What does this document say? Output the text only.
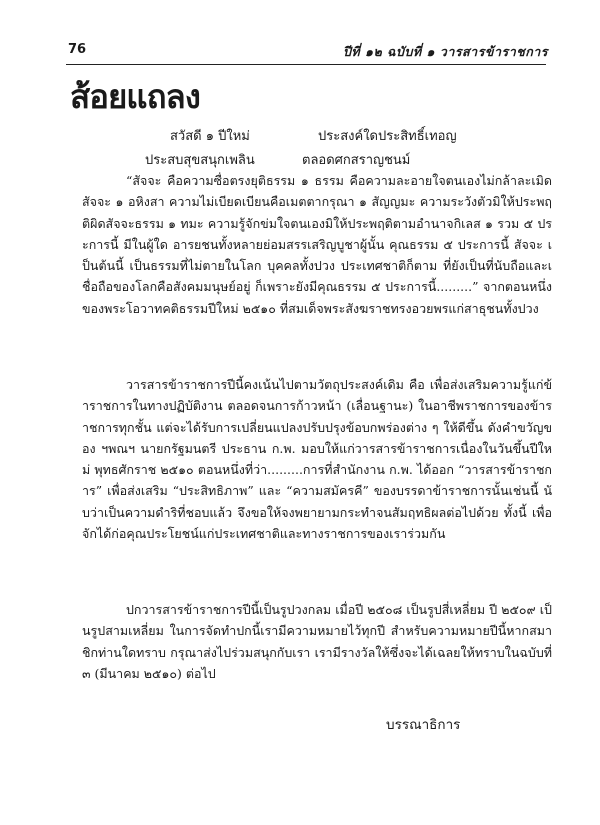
76	ปีที่ ๑๒ ฉบับที่ ๑ วารสารข้าราชการ
ส้อยแถลง
สวัสดี ๑ ปีใหม่	ประสงค์ใดประสิทธิ์เทอญ
ประสบสุขสนุกเพลิน	ตลอดศกสราญชนม์

“สัจจะ คือความซื่อตรงยุติธรรม ๑ ธรรม คือความละอายใจตนเองไม่กล้าละเมิดสัจจะ ๑ อหิงสา ความไม่เบียดเบียนคือเมตตากรุณา ๑ สัญญมะ ความระวังตัวมิให้ประพฤติผิดสัจจะธรรม ๑ ทมะ ความรู้จักข่มใจตนเองมิให้ประพฤติตามอำนาจกิเลส ๑ รวม ๕ ประการนี้ มีในผู้ใด อารยชนทั้งหลายย่อมสรรเสริญบูชาผู้นั้น คุณธรรม ๕ ประการนี้ สัจจะ เป็นต้นนี้ เป็นธรรมที่ไม่ตายในโลก บุคคลทั้งปวง ประเทศชาติก็ตาม ที่ยังเป็นที่นับถือและเชื่อถือของโลกคือสังคมมนุษย์อยู่ ก็เพราะยังมีคุณธรรม ๕ ประการนี้.........” จากตอนหนึ่งของพระโอวาทคติธรรมปีใหม่ ๒๕๑๐ ที่สมเด็จพระสังฆราชทรงอวยพรแก่สาธุชนทั้งปวง

วารสารข้าราชการปีนี้คงเน้นไปตามวัตถุประสงค์เดิม คือ เพื่อส่งเสริมความรู้แก่ข้าราชการในทางปฏิบัติงาน ตลอดจนการก้าวหน้า (เลื่อนฐานะ) ในอาชีพราชการของข้าราชการทุกชั้น แต่จะได้รับการเปลี่ยนแปลงปรับปรุงข้อบกพร่องต่าง ๆ ให้ดีขึ้น ดังคำขวัญของ ฯพณฯ นายกรัฐมนตรี ประธาน ก.พ. มอบให้แก่วารสารข้าราชการเนื่องในวันขึ้นปีใหม่ พุทธศักราช ๒๕๑๐ ตอนหนึ่งที่ว่า.........การที่สำนักงาน ก.พ. ได้ออก “วารสารข้าราชการ” เพื่อส่งเสริม “ประสิทธิภาพ” และ “ความสมัครคี” ของบรรดาข้าราชการนั้นเช่นนี้ นับว่าเป็นความดำริที่ชอบแล้ว จึงขอให้จงพยายามกระทำจนสัมฤทธิผลต่อไปด้วย ทั้งนี้ เพื่อจักได้ก่อคุณประโยชน์แก่ประเทศชาติและทางราชการของเราร่วมกัน

ปกวารสารข้าราชการปีนี้เป็นรูปวงกลม เมื่อปี ๒๕๐๘ เป็นรูปสี่เหลี่ยม ปี ๒๕๐๙ เป็นรูปสามเหลี่ยม ในการจัดทำปกนี้เรามีความหมายไว้ทุกปี สำหรับความหมายปีนี้หากสมาชิกท่านใดทราบ กรุณาส่งไปร่วมสนุกกับเรา เรามีรางวัลให้ซึ่งจะได้เฉลยให้ทราบในฉบับที่ ๓ (มีนาคม ๒๕๑๐) ต่อไป

บรรณาธิการ
